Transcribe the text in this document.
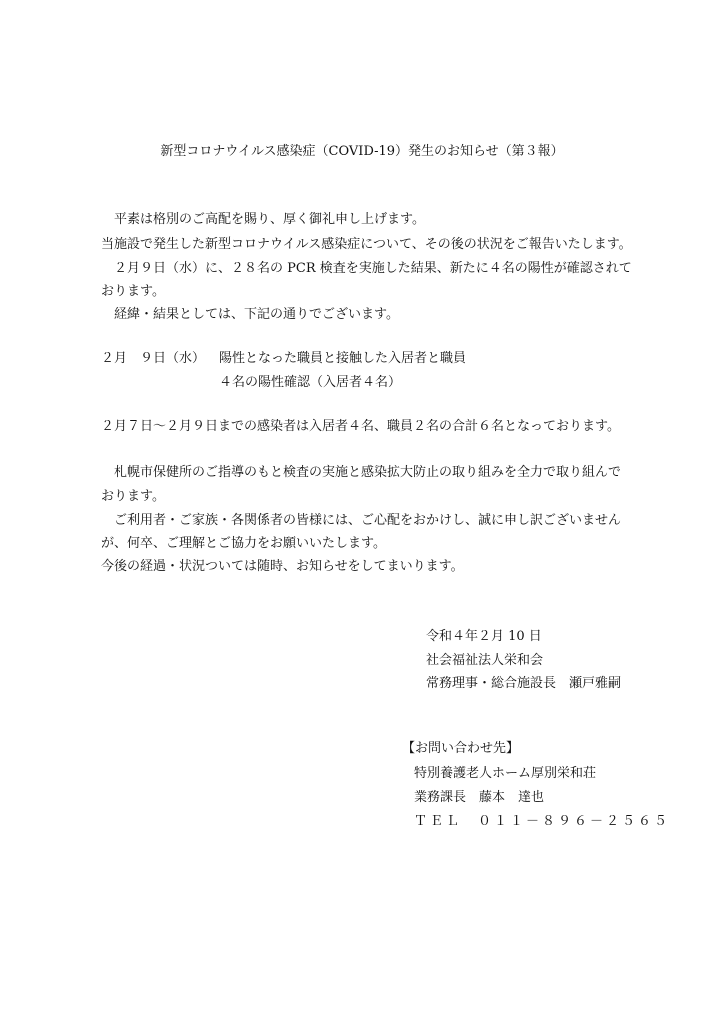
新型コロナウイルス感染症（COVID-19）発生のお知らせ（第３報）
平素は格別のご高配を賜り、厚く御礼申し上げます。
当施設で発生した新型コロナウイルス感染症について、その後の状況をご報告いたします。
２月９日（水）に、２８名の PCR 検査を実施した結果、新たに４名の陽性が確認されて
おります。
経緯・結果としては、下記の通りでございます。
２月　９日（水） 陽性となった職員と接触した入居者と職員
４名の陽性確認（入居者４名）
２月７日～２月９日までの感染者は入居者４名、職員２名の合計６名となっております。
札幌市保健所のご指導のもと検査の実施と感染拡大防止の取り組みを全力で取り組んで
おります。
ご利用者・ご家族・各関係者の皆様には、ご心配をおかけし、誠に申し訳ございません
が、何卒、ご理解とご協力をお願いいたします。
今後の経過・状況ついては随時、お知らせをしてまいります。
令和４年２月 10 日
社会福祉法人栄和会
常務理事・総合施設長　瀬戸雅嗣
【お問い合わせ先】
特別養護老人ホーム厚別栄和荘
業務課長　藤本　達也
ＴＥＬ　０１１－８９６－２５６５
